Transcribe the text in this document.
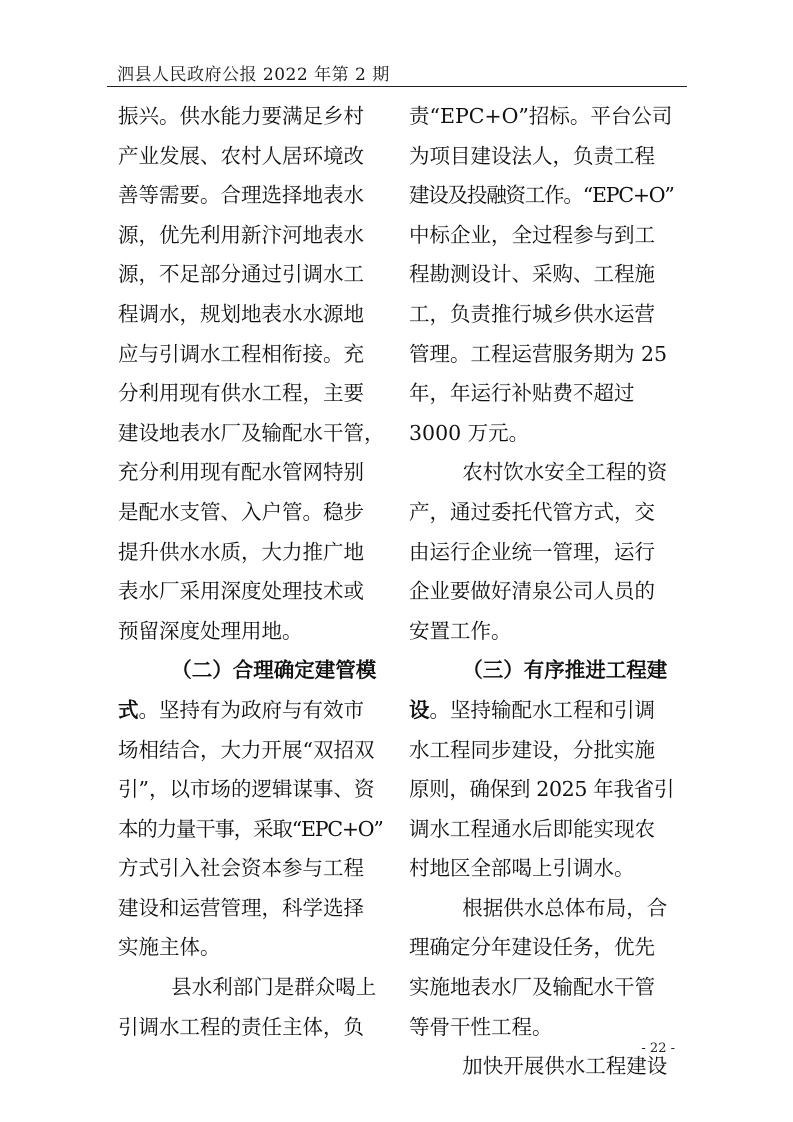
泗县人民政府公报 2022 年第 2 期
振兴。供水能力要满足乡村
产业发展、农村人居环境改
善等需要。合理选择地表水
源，优先利用新汴河地表水
源，不足部分通过引调水工
程调水，规划地表水水源地
应与引调水工程相衔接。充
分利用现有供水工程，主要
建设地表水厂及输配水干管，
充分利用现有配水管网特别
是配水支管、入户管。稳步
提升供水水质，大力推广地
表水厂采用深度处理技术或
预留深度处理用地。
（二）合理确定建管模
式。坚持有为政府与有效市
场相结合，大力开展“双招双
引”，以市场的逻辑谋事、资
本的力量干事，采取“EPC+O”
方式引入社会资本参与工程
建设和运营管理，科学选择
实施主体。
县水利部门是群众喝上
引调水工程的责任主体，负
责“EPC+O”招标。平台公司
为项目建设法人，负责工程
建设及投融资工作。“EPC+O”
中标企业，全过程参与到工
程勘测设计、采购、工程施
工，负责推行城乡供水运营
管理。工程运营服务期为 25
年，年运行补贴费不超过
3000 万元。
农村饮水安全工程的资
产，通过委托代管方式，交
由运行企业统一管理，运行
企业要做好清泉公司人员的
安置工作。
（三）有序推进工程建
设。坚持输配水工程和引调
水工程同步建设，分批实施
原则，确保到 2025 年我省引
调水工程通水后即能实现农
村地区全部喝上引调水。
根据供水总体布局，合
理确定分年建设任务，优先
实施地表水厂及输配水干管
等骨干性工程。
加快开展供水工程建设
- 22 -
